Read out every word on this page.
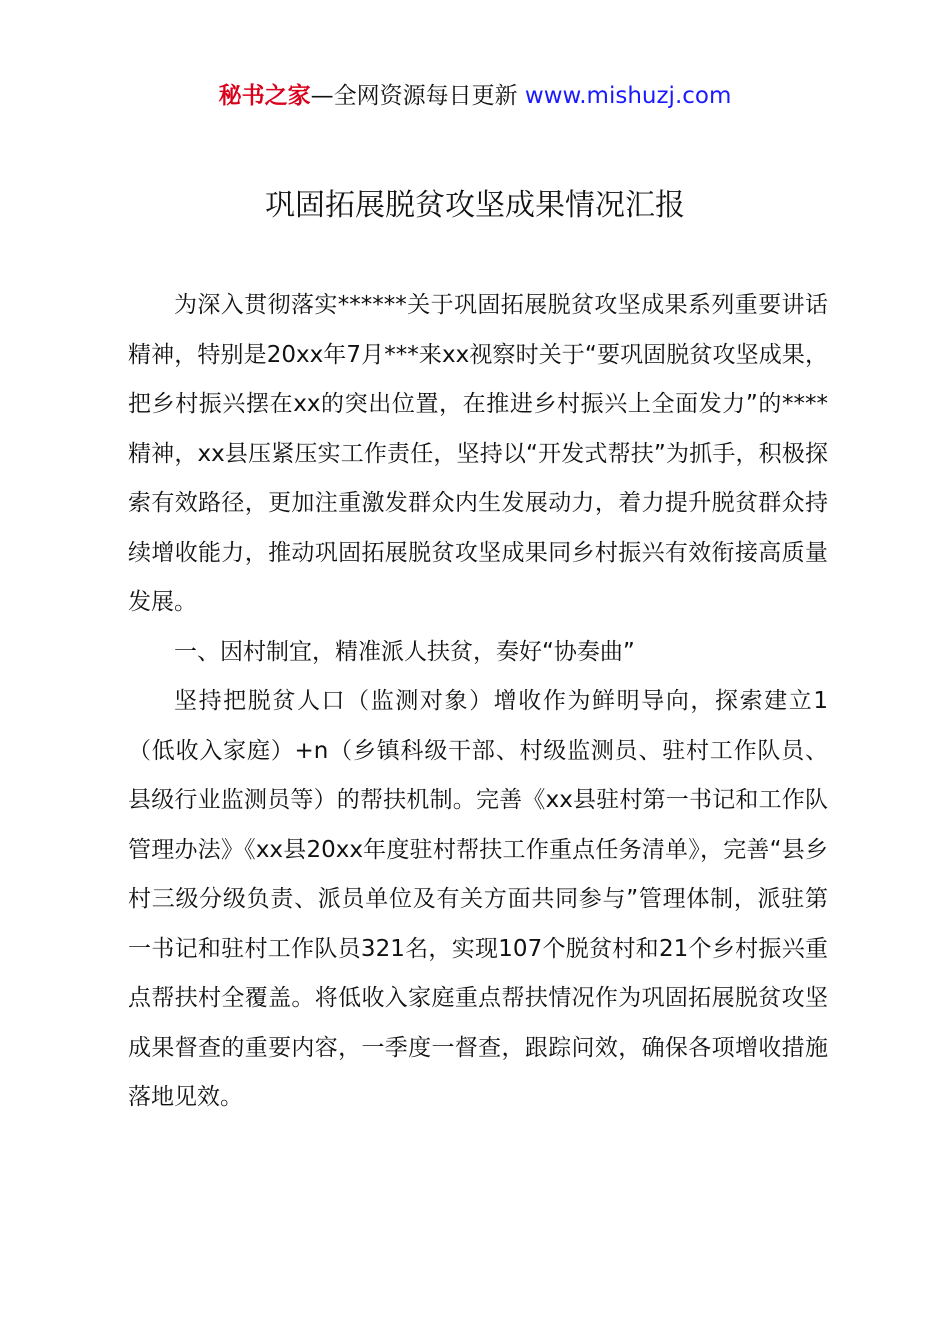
秘书之家—全网资源每日更新 www.mishuzj.com
巩固拓展脱贫攻坚成果情况汇报

为深入贯彻落实******关于巩固拓展脱贫攻坚成果系列重要讲话精神，特别是20xx年7月***来xx视察时关于“要巩固脱贫攻坚成果，把乡村振兴摆在xx的突出位置，在推进乡村振兴上全面发力”的****精神，xx县压紧压实工作责任，坚持以“开发式帮扶”为抓手，积极探索有效路径，更加注重激发群众内生发展动力，着力提升脱贫群众持续增收能力，推动巩固拓展脱贫攻坚成果同乡村振兴有效衔接高质量发展。

一、因村制宜，精准派人扶贫，奏好“协奏曲”

坚持把脱贫人口（监测对象）增收作为鲜明导向，探索建立1（低收入家庭）+n（乡镇科级干部、村级监测员、驻村工作队员、县级行业监测员等）的帮扶机制。完善《xx县驻村第一书记和工作队管理办法》《xx县20xx年度驻村帮扶工作重点任务清单》，完善“县乡村三级分级负责、派员单位及有关方面共同参与”管理体制，派驻第一书记和驻村工作队员321名，实现107个脱贫村和21个乡村振兴重点帮扶村全覆盖。将低收入家庭重点帮扶情况作为巩固拓展脱贫攻坚成果督查的重要内容，一季度一督查，跟踪问效，确保各项增收措施落地见效。
